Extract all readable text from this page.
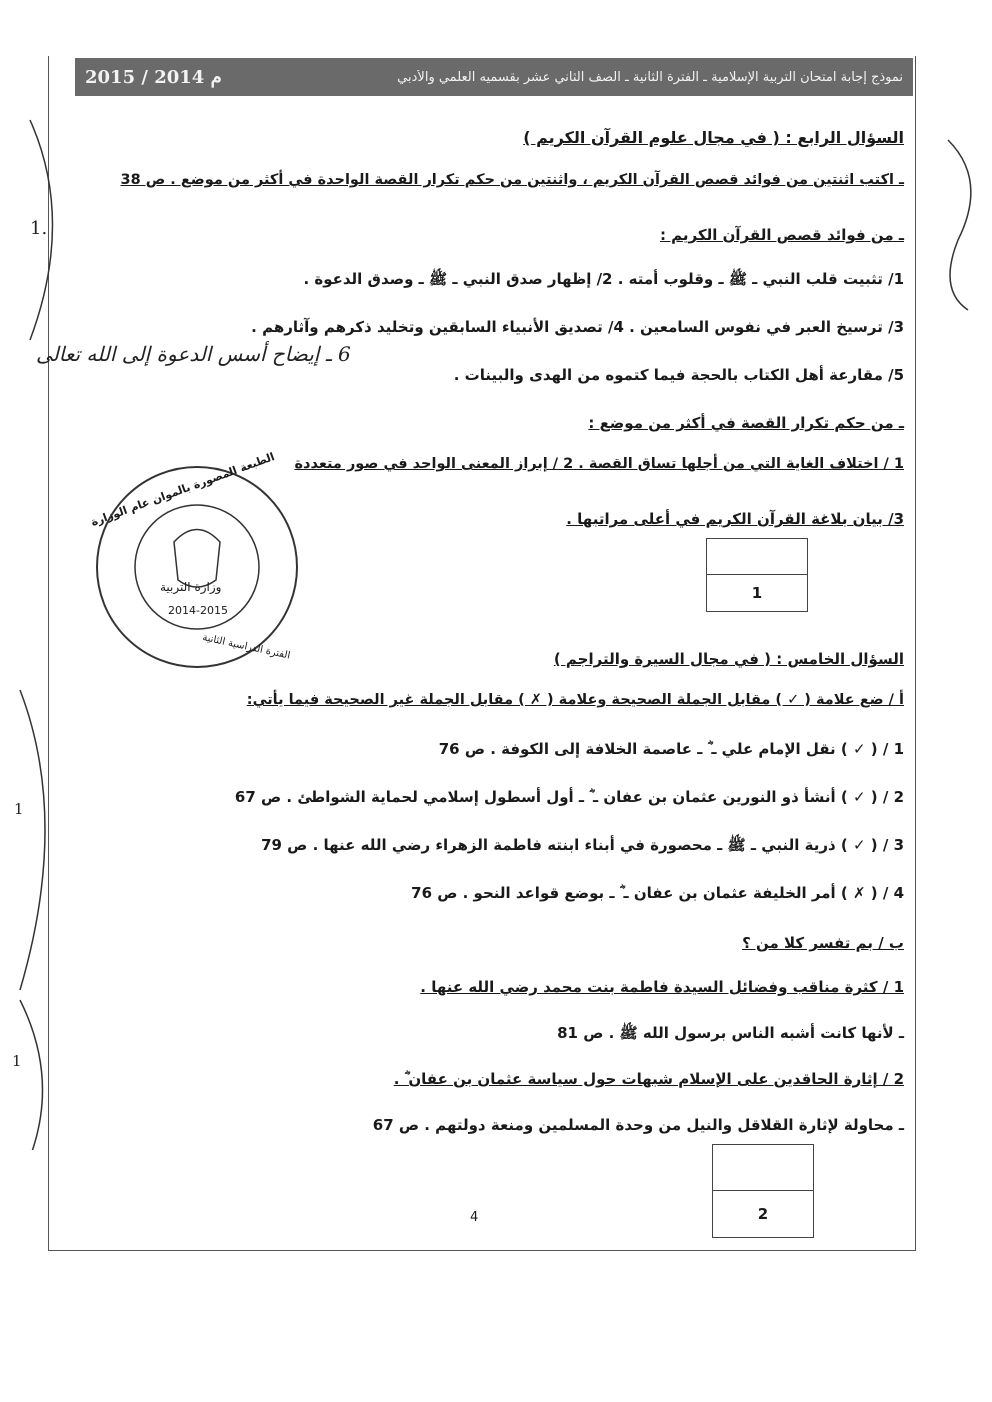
نموذج إجابة امتحان التربية الإسلامية ـ الفترة الثانية ـ الصف الثاني عشر بقسميه العلمي والأدبي
2015 / 2014 م
1.
1
1
السؤال الرابع : ( في مجال علوم القرآن الكريم )
ـ اكتب اثنتين من فوائد قصص القرآن الكريم ، واثنتين من حكم تكرار القصة الواحدة في أكثر من موضع . ص 38
ـ من فوائد قصص القرآن الكريم :
1/ تثبيت قلب النبي ـ ﷺ ـ وقلوب أمته . 2/ إظهار صدق النبي ـ ﷺ ـ وصدق الدعوة .
3/ ترسيخ العبر في نفوس السامعين . 4/ تصديق الأنبياء السابقين وتخليد ذكرهم وآثارهم .
5/ مقارعة أهل الكتاب بالحجة فيما كتموه من الهدى والبينات .
6 ـ إيضاح أسس الدعوة إلى الله تعالى
ـ من حكم تكرار القصة في أكثر من موضع :
1 / اختلاف الغاية التي من أجلها تساق القصة . 2 / إبراز المعنى الواحد في صور متعددة
3/ بيان بلاغة القرآن الكريم في أعلى مراتبها .
1
الطبعة المصورة بالموان عام الوزارة
الفترة الدراسية الثانية
وزارة التربية
2014-2015
السؤال الخامس : ( في مجال السيرة والتراجم )
أ / ضع علامة ( ✓ ) مقابل الجملة الصحيحة وعلامة ( ✗ ) مقابل الجملة غير الصحيحة فيما يأتي:
1 / ( ✓ ) نقل الإمام علي ـ ؓ ـ عاصمة الخلافة إلى الكوفة . ص 76
2 / ( ✓ ) أنشأ ذو النورين عثمان بن عفان ـ ؓ ـ أول أسطول إسلامي لحماية الشواطئ . ص 67
3 / ( ✓ ) ذرية النبي ـ ﷺ ـ محصورة في أبناء ابنته فاطمة الزهراء رضي الله عنها . ص 79
4 / ( ✗ ) أمر الخليفة عثمان بن عفان ـ ؓ ـ بوضع قواعد النحو . ص 76
ب / بم تفسر كلا من ؟
1 / كثرة مناقب وفضائل السيدة فاطمة بنت محمد رضي الله عنها .
ـ لأنها كانت أشبه الناس برسول الله ﷺ . ص 81
2 / إثارة الحاقدين على الإسلام شبهات حول سياسة عثمان بن عفان ؓ .
ـ محاولة لإثارة القلاقل والنيل من وحدة المسلمين ومنعة دولتهم . ص 67
2
4
